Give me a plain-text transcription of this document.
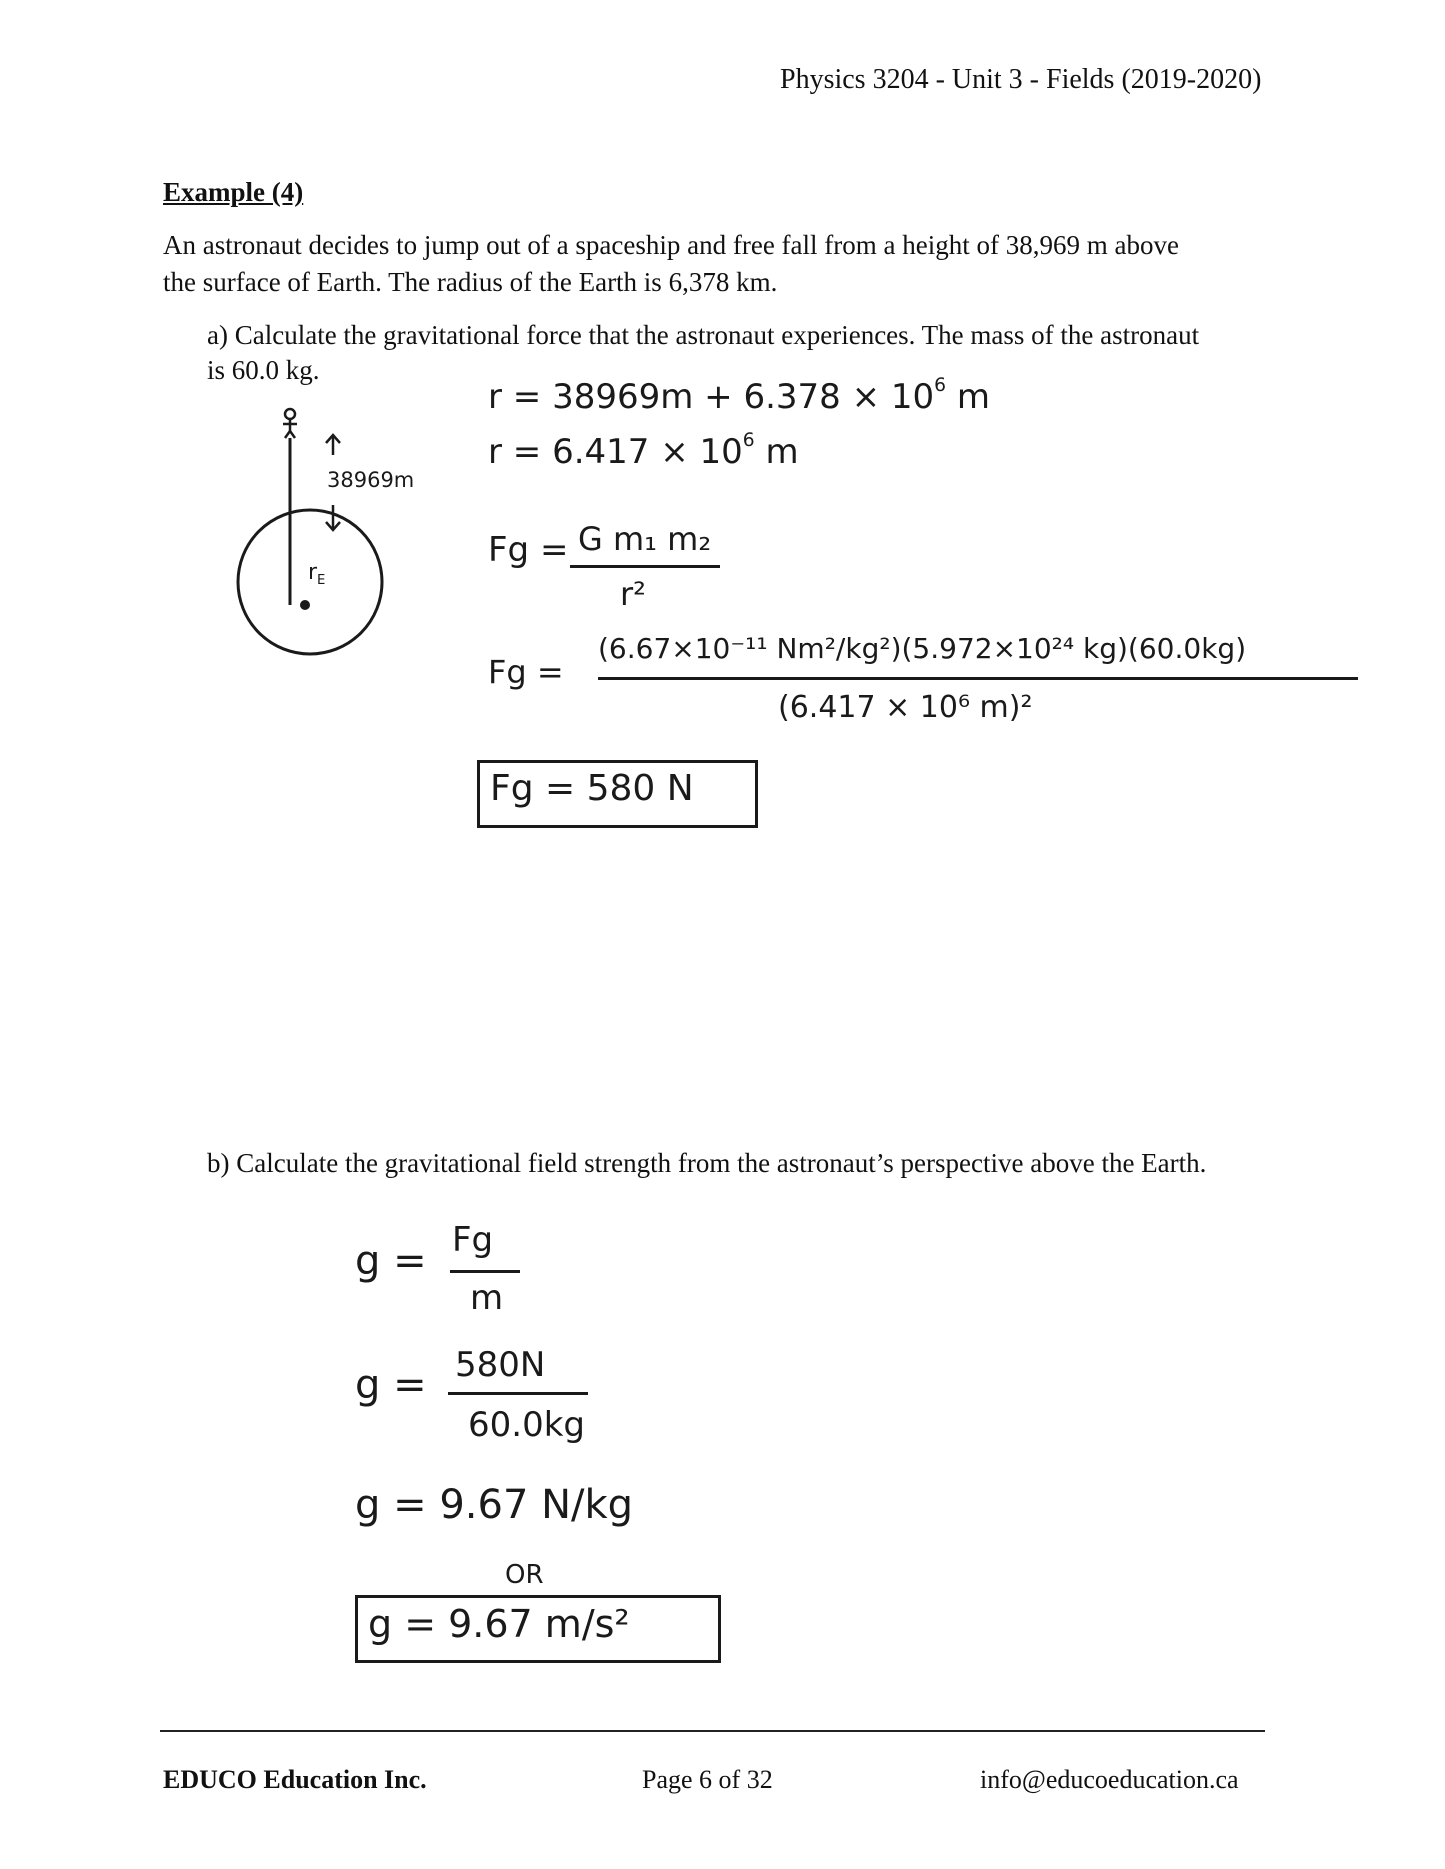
Physics 3204 - Unit 3 - Fields (2019-2020)
Example (4)
An astronaut decides to jump out of a spaceship and free fall from a height of 38,969 m above
the surface of Earth. The radius of the Earth is 6,378 km.
a) Calculate the gravitational force that the astronaut experiences. The mass of the astronaut
is 60.0 kg.
38969m
$r_E$
$r = 38969m + 6.378 \times 10^6$ m
$r = 6.417 \times 10^6$ m
Fg = G m₁ m₂
r²
Fg =
(6.67×10⁻¹¹ Nm²/kg²)(5.972×10²⁴ kg)(60.0kg)
(6.417 × 10⁶ m)²
Fg = 580 N
b) Calculate the gravitational field strength from the astronaut’s perspective above the Earth.
g = Fg
m
g = 580N
60.0kg
g = 9.67 N/kg
OR
g = 9.67 m/s²
EDUCO Education Inc.	Page 6 of 32	info@educoeducation.ca
